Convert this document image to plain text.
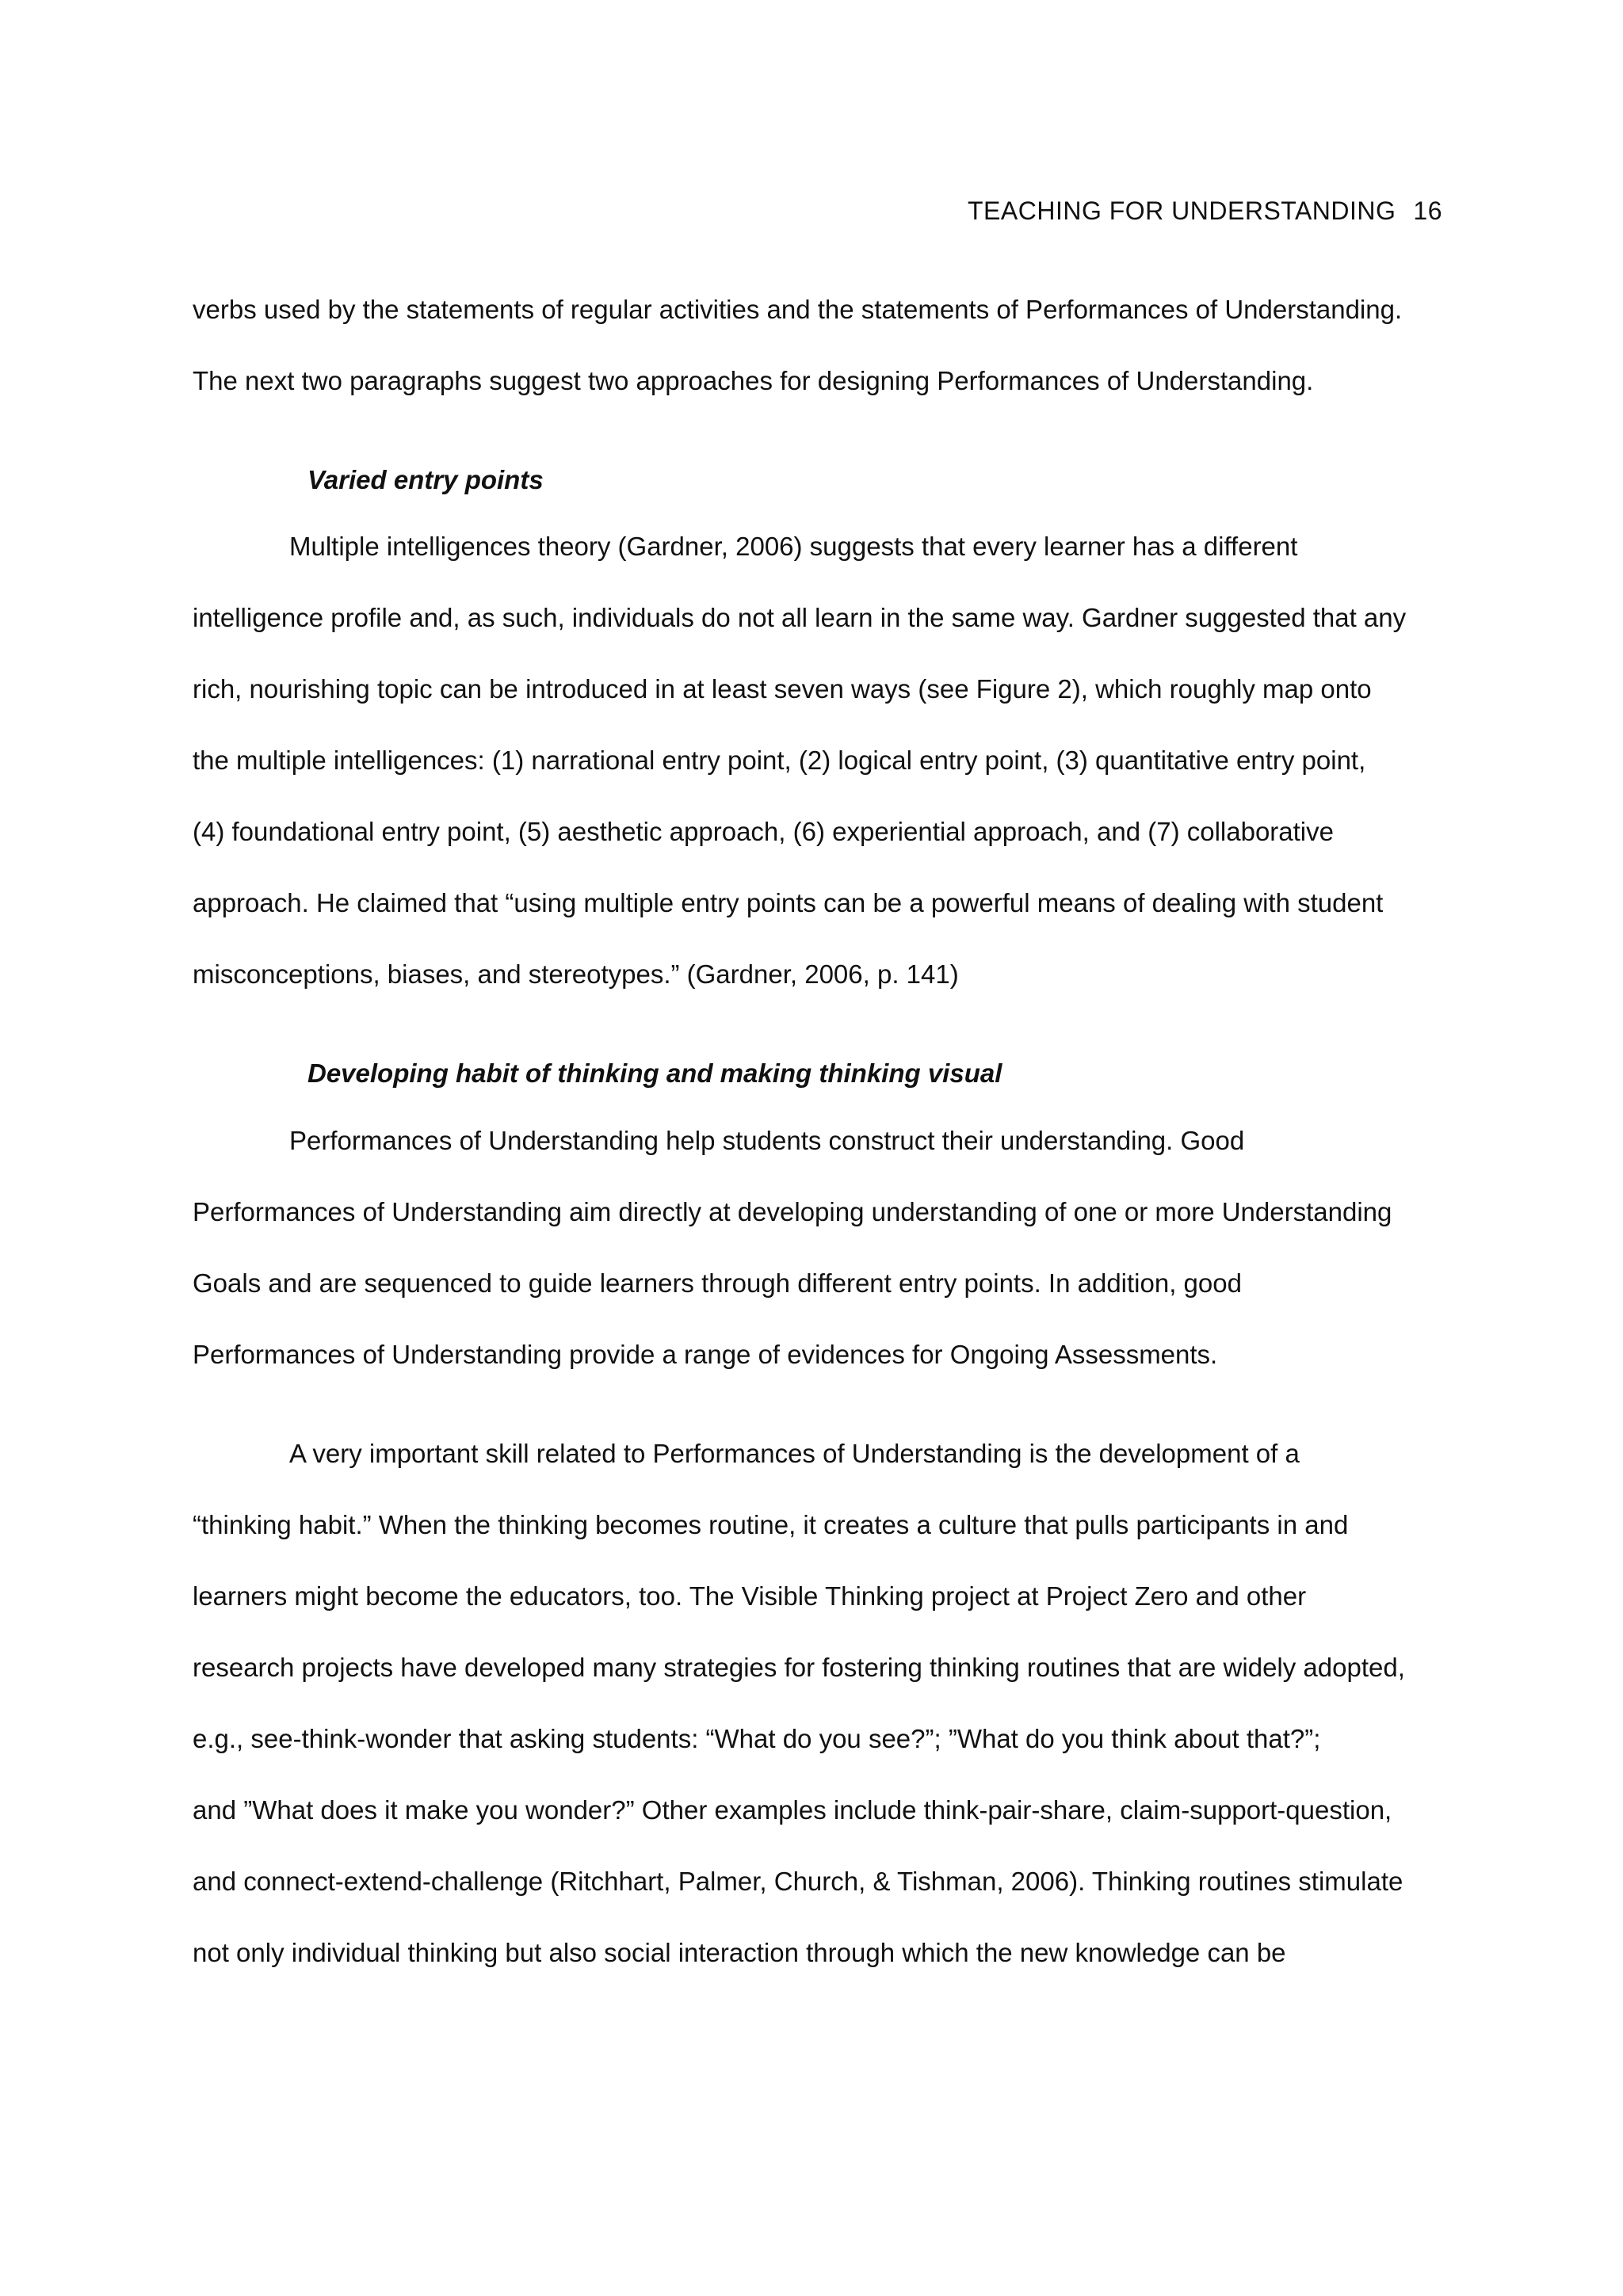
TEACHING FOR UNDERSTANDING 16
verbs used by the statements of regular activities and the statements of Performances of Understanding.
The next two paragraphs suggest two approaches for designing Performances of Understanding.
Varied entry points
Multiple intelligences theory (Gardner, 2006) suggests that every learner has a different
intelligence profile and, as such, individuals do not all learn in the same way. Gardner suggested that any
rich, nourishing topic can be introduced in at least seven ways (see Figure 2), which roughly map onto
the multiple intelligences: (1) narrational entry point, (2) logical entry point, (3) quantitative entry point,
(4) foundational entry point, (5) aesthetic approach, (6) experiential approach, and (7) collaborative
approach. He claimed that “using multiple entry points can be a powerful means of dealing with student
misconceptions, biases, and stereotypes.” (Gardner, 2006, p. 141)
Developing habit of thinking and making thinking visual
Performances of Understanding help students construct their understanding. Good
Performances of Understanding aim directly at developing understanding of one or more Understanding
Goals and are sequenced to guide learners through different entry points. In addition, good
Performances of Understanding provide a range of evidences for Ongoing Assessments.
A very important skill related to Performances of Understanding is the development of a
“thinking habit.” When the thinking becomes routine, it creates a culture that pulls participants in and
learners might become the educators, too. The Visible Thinking project at Project Zero and other
research projects have developed many strategies for fostering thinking routines that are widely adopted,
e.g., see-think-wonder that asking students: “What do you see?”; ”What do you think about that?”;
and ”What does it make you wonder?” Other examples include think-pair-share, claim-support-question,
and connect-extend-challenge (Ritchhart, Palmer, Church, & Tishman, 2006). Thinking routines stimulate
not only individual thinking but also social interaction through which the new knowledge can be
